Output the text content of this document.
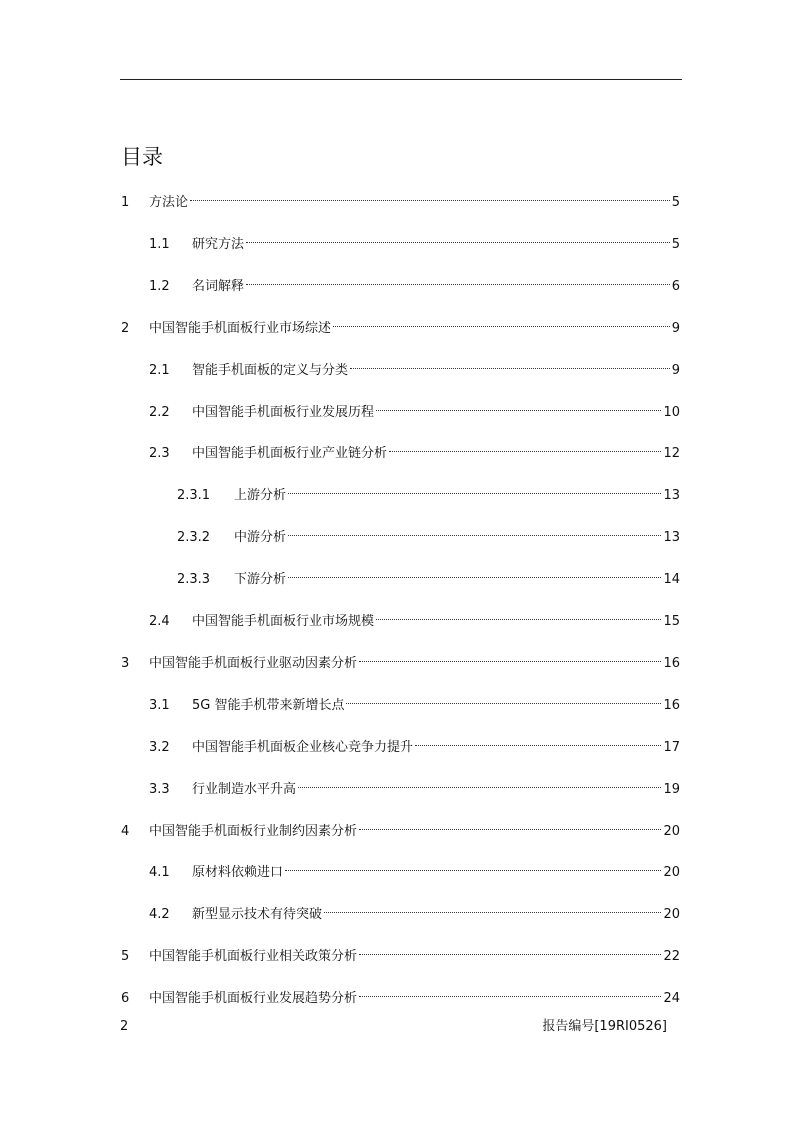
目录
1	方法论	5
1.1	研究方法	5
1.2	名词解释	6
2	中国智能手机面板行业市场综述	9
2.1	智能手机面板的定义与分类	9
2.2	中国智能手机面板行业发展历程	10
2.3	中国智能手机面板行业产业链分析	12
2.3.1	上游分析	13
2.3.2	中游分析	13
2.3.3	下游分析	14
2.4	中国智能手机面板行业市场规模	15
3	中国智能手机面板行业驱动因素分析	16
3.1	5G 智能手机带来新增长点	16
3.2	中国智能手机面板企业核心竞争力提升	17
3.3	行业制造水平升高	19
4	中国智能手机面板行业制约因素分析	20
4.1	原材料依赖进口	20
4.2	新型显示技术有待突破	20
5	中国智能手机面板行业相关政策分析	22
6	中国智能手机面板行业发展趋势分析	24
2	报告编号[19RI0526]
